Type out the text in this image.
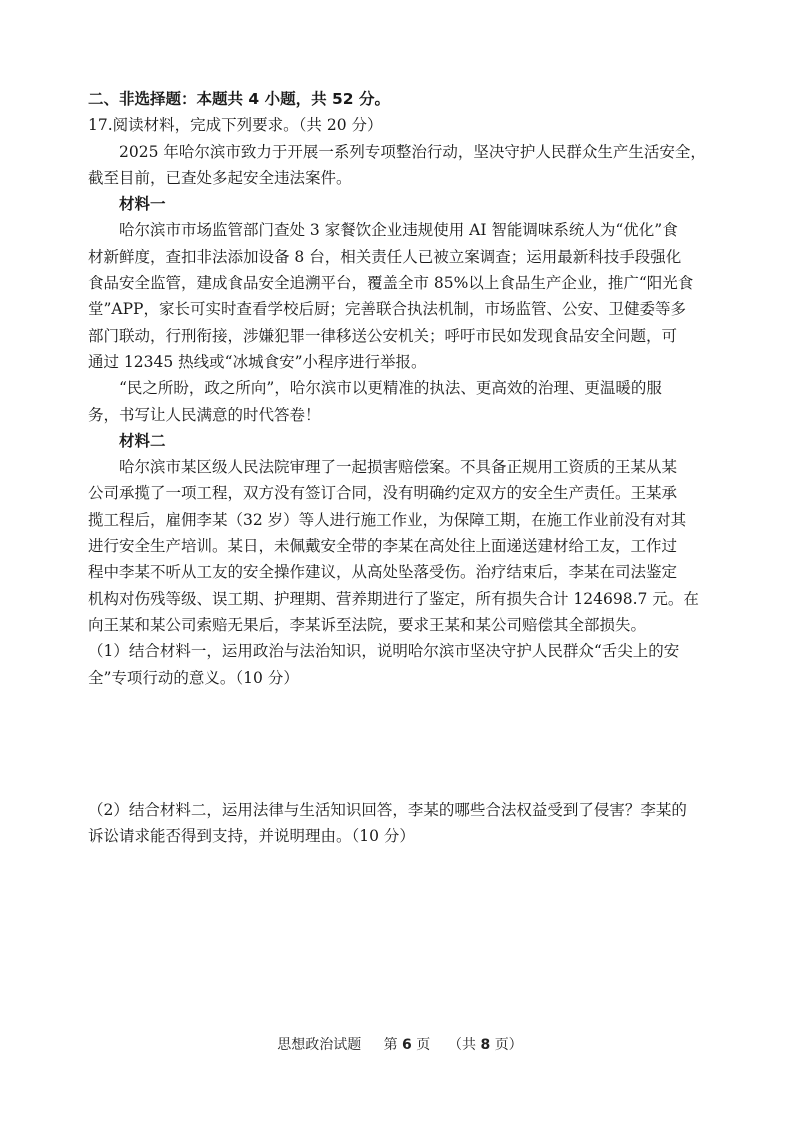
二、非选择题：本题共 4 小题，共 52 分。

17.阅读材料，完成下列要求。（共 20 分）

2025 年哈尔滨市致力于开展一系列专项整治行动，坚决守护人民群众生产生活安全，

截至目前，已查处多起安全违法案件。

材料一

哈尔滨市市场监管部门查处 3 家餐饮企业违规使用 AI 智能调味系统人为“优化”食

材新鲜度，查扣非法添加设备 8 台，相关责任人已被立案调查；运用最新科技手段强化

食品安全监管，建成食品安全追溯平台，覆盖全市 85%以上食品生产企业，推广“阳光食

堂”APP，家长可实时查看学校后厨；完善联合执法机制，市场监管、公安、卫健委等多

部门联动，行刑衔接，涉嫌犯罪一律移送公安机关；呼吁市民如发现食品安全问题，可

通过 12345 热线或“冰城食安”小程序进行举报。

“民之所盼，政之所向”，哈尔滨市以更精准的执法、更高效的治理、更温暖的服

务，书写让人民满意的时代答卷！

材料二

哈尔滨市某区级人民法院审理了一起损害赔偿案。不具备正规用工资质的王某从某

公司承揽了一项工程，双方没有签订合同，没有明确约定双方的安全生产责任。王某承

揽工程后，雇佣李某（32 岁）等人进行施工作业，为保障工期，在施工作业前没有对其

进行安全生产培训。某日，未佩戴安全带的李某在高处往上面递送建材给工友，工作过

程中李某不听从工友的安全操作建议，从高处坠落受伤。治疗结束后，李某在司法鉴定

机构对伤残等级、误工期、护理期、营养期进行了鉴定，所有损失合计 124698.7 元。在

向王某和某公司索赔无果后，李某诉至法院，要求王某和某公司赔偿其全部损失。

（1）结合材料一，运用政治与法治知识，说明哈尔滨市坚决守护人民群众“舌尖上的安

全”专项行动的意义。（10 分）

（2）结合材料二，运用法律与生活知识回答，李某的哪些合法权益受到了侵害？李某的

诉讼请求能否得到支持，并说明理由。（10 分）

思想政治试题 第 6 页 （共 8 页）
